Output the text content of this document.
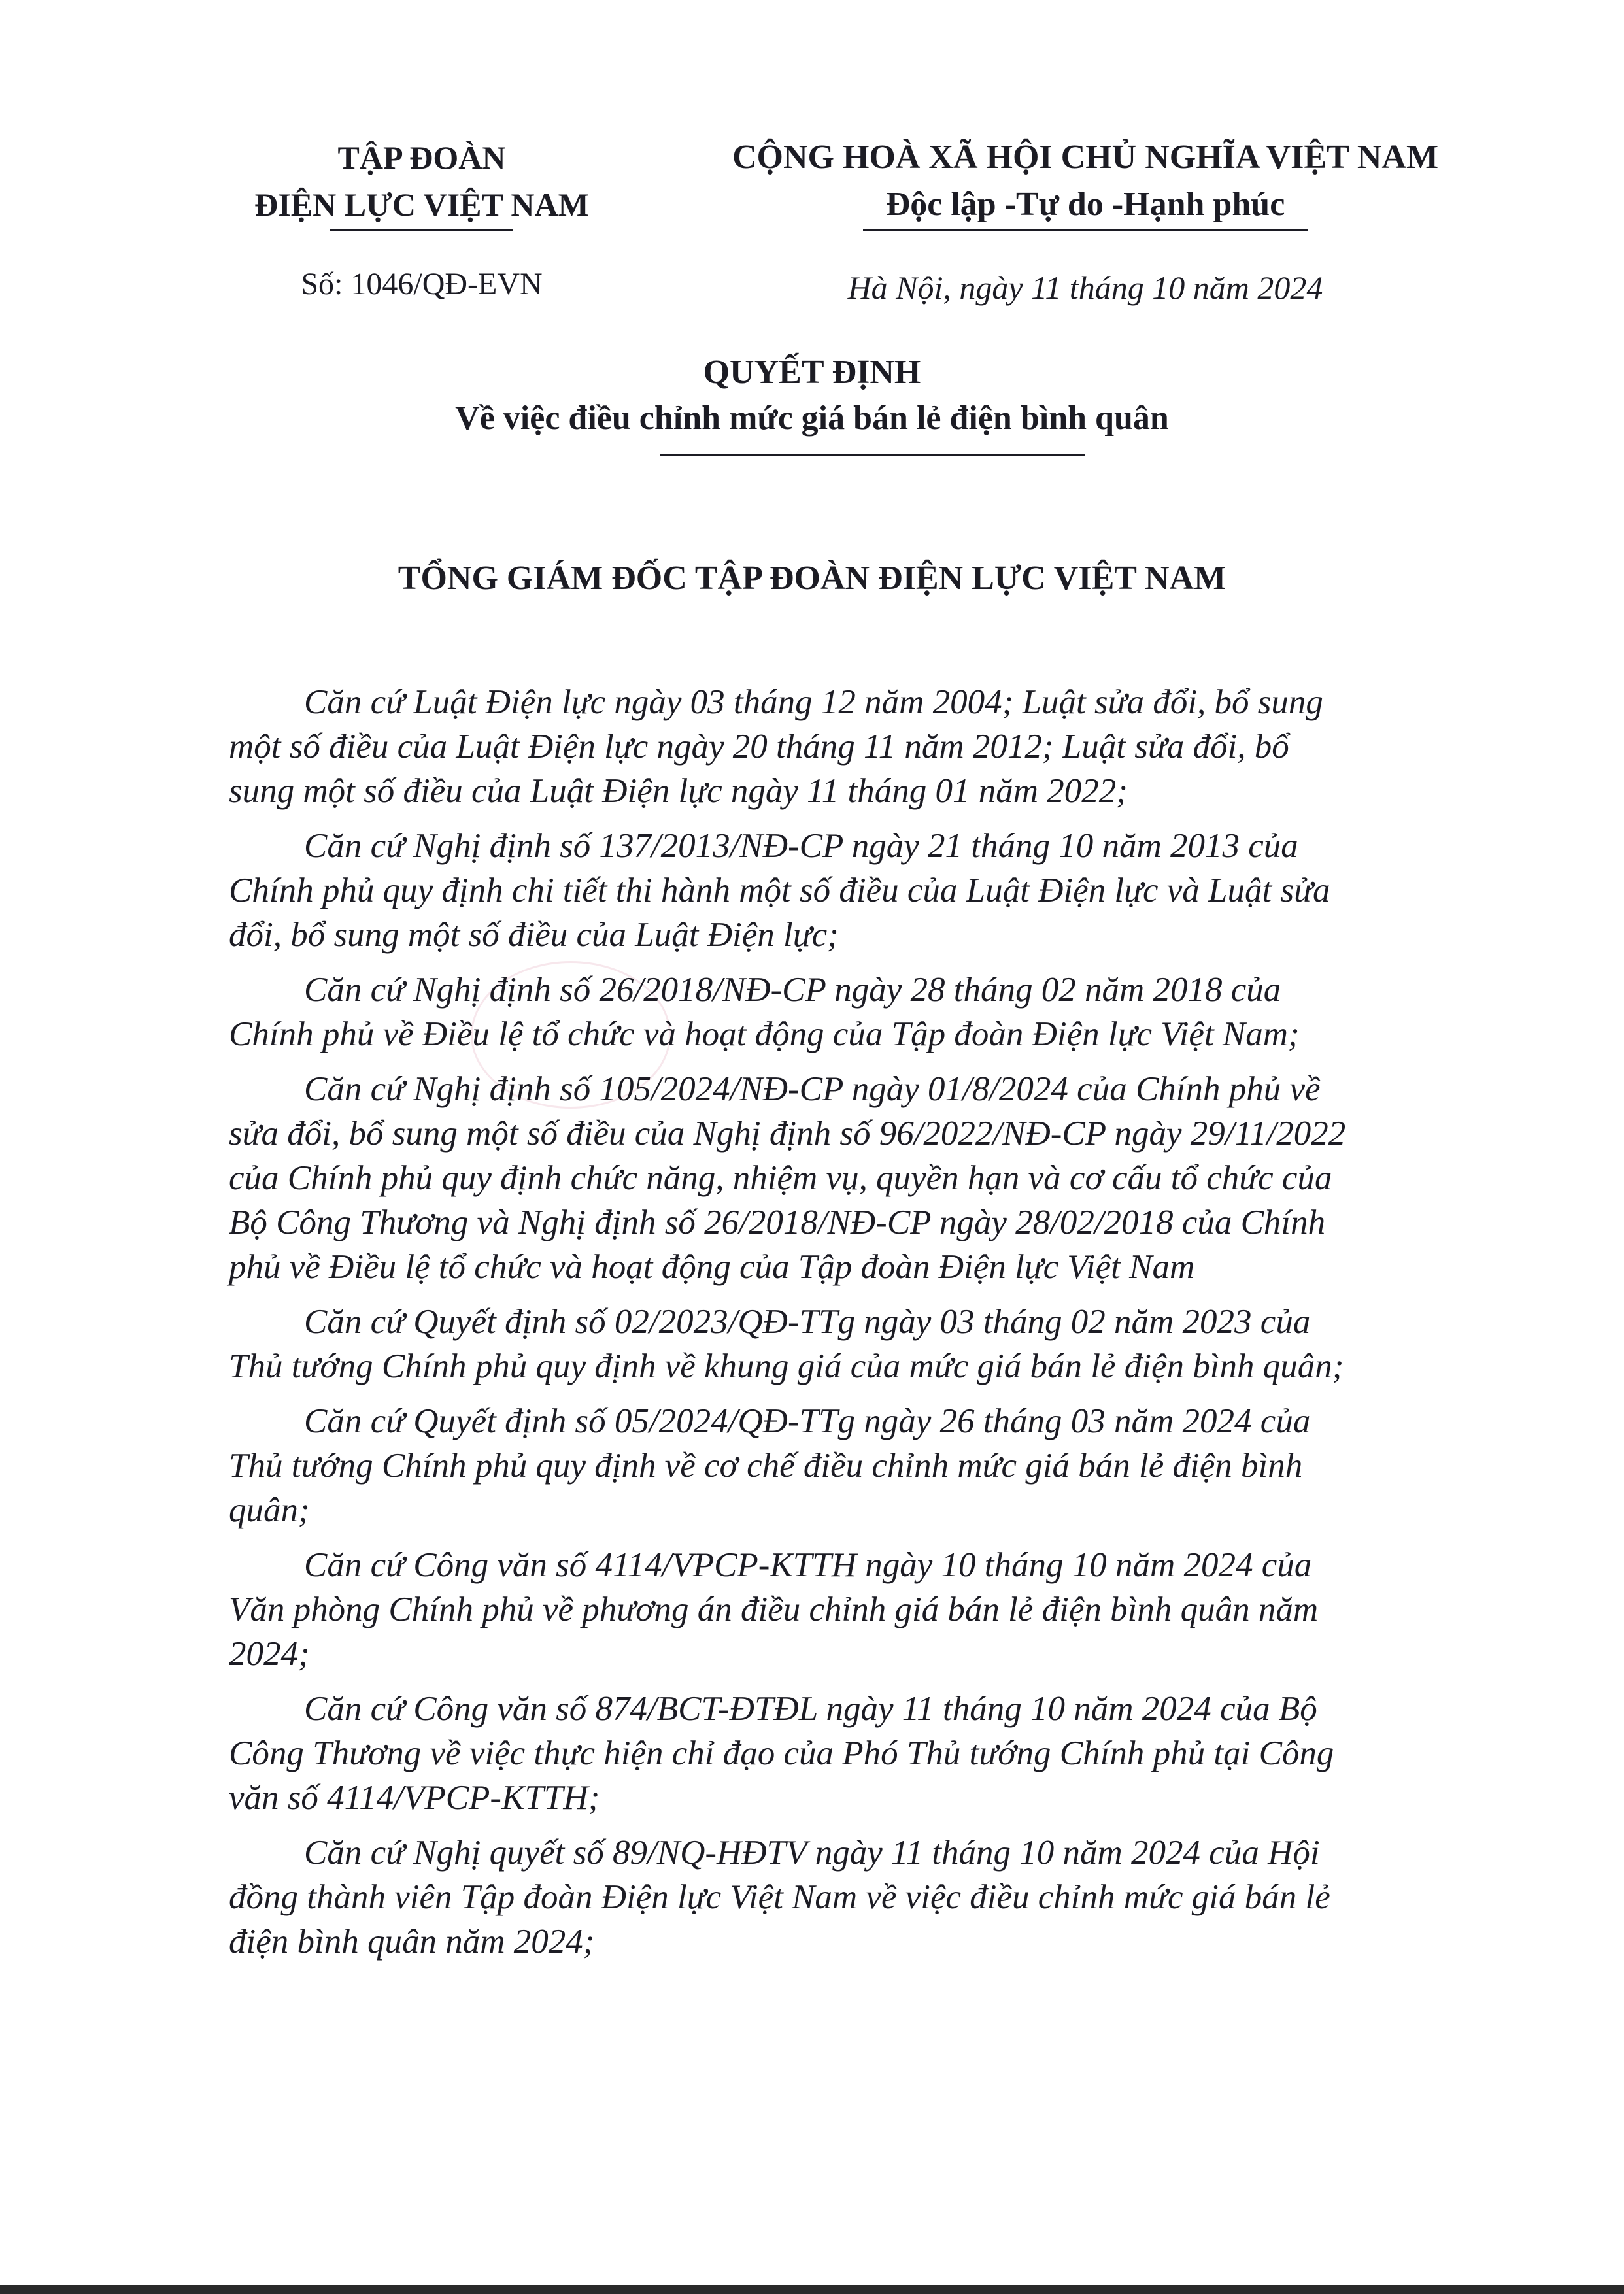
TẬP ĐOÀN
ĐIỆN LỰC VIỆT NAM
CỘNG HOÀ XÃ HỘI CHỦ NGHĨA VIỆT NAM
Độc lập -Tự do -Hạnh phúc
Số: 1046/QĐ-EVN	Hà Nội, ngày 11 tháng 10 năm 2024
QUYẾT ĐỊNH
Về việc điều chỉnh mức giá bán lẻ điện bình quân
TỔNG GIÁM ĐỐC TẬP ĐOÀN ĐIỆN LỰC VIỆT NAM
Căn cứ Luật Điện lực ngày 03 tháng 12 năm 2004; Luật sửa đổi, bổ sung
một số điều của Luật Điện lực ngày 20 tháng 11 năm 2012; Luật sửa đổi, bổ
sung một số điều của Luật Điện lực ngày 11 tháng 01 năm 2022;
Căn cứ Nghị định số 137/2013/NĐ-CP ngày 21 tháng 10 năm 2013 của
Chính phủ quy định chi tiết thi hành một số điều của Luật Điện lực và Luật sửa
đổi, bổ sung một số điều của Luật Điện lực;
Căn cứ Nghị định số 26/2018/NĐ-CP ngày 28 tháng 02 năm 2018 của
Chính phủ về Điều lệ tổ chức và hoạt động của Tập đoàn Điện lực Việt Nam;
Căn cứ Nghị định số 105/2024/NĐ-CP ngày 01/8/2024 của Chính phủ về
sửa đổi, bổ sung một số điều của Nghị định số 96/2022/NĐ-CP ngày 29/11/2022
của Chính phủ quy định chức năng, nhiệm vụ, quyền hạn và cơ cấu tổ chức của
Bộ Công Thương và Nghị định số 26/2018/NĐ-CP ngày 28/02/2018 của Chính
phủ về Điều lệ tổ chức và hoạt động của Tập đoàn Điện lực Việt Nam
Căn cứ Quyết định số 02/2023/QĐ-TTg ngày 03 tháng 02 năm 2023 của
Thủ tướng Chính phủ quy định về khung giá của mức giá bán lẻ điện bình quân;
Căn cứ Quyết định số 05/2024/QĐ-TTg ngày 26 tháng 03 năm 2024 của
Thủ tướng Chính phủ quy định về cơ chế điều chỉnh mức giá bán lẻ điện bình
quân;
Căn cứ Công văn số 4114/VPCP-KTTH ngày 10 tháng 10 năm 2024 của
Văn phòng Chính phủ về phương án điều chỉnh giá bán lẻ điện bình quân năm
2024;
Căn cứ Công văn số 874/BCT-ĐTĐL ngày 11 tháng 10 năm 2024 của Bộ
Công Thương về việc thực hiện chỉ đạo của Phó Thủ tướng Chính phủ tại Công
văn số 4114/VPCP-KTTH;
Căn cứ Nghị quyết số 89/NQ-HĐTV ngày 11 tháng 10 năm 2024 của Hội
đồng thành viên Tập đoàn Điện lực Việt Nam về việc điều chỉnh mức giá bán lẻ
điện bình quân năm 2024;
